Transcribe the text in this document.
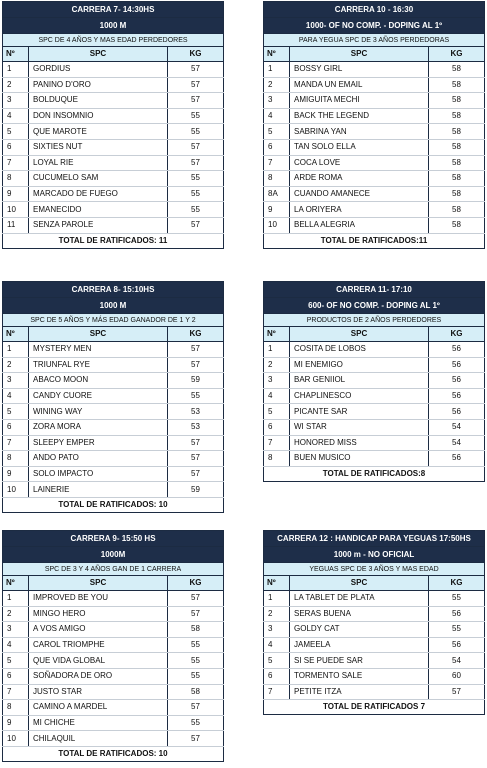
CARRERA 7- 14:30HS		
1000 M		
SPC DE 4 AÑOS Y MAS EDAD PERDEDORES		
Nº	SPC	KG
1	GORDIUS	57
2	PANINO D'ORO	57
3	BOLDUQUE	57
4	DON INSOMNIO	55
5	QUE MAROTE	55
6	SIXTIES NUT	57
7	LOYAL RIE	57
8	CUCUMELO SAM	55
9	MARCADO DE FUEGO	55
10	EMANECIDO	55
11	SENZA PAROLE	57
TOTAL DE RATIFICADOS: 11		
CARRERA 10 - 16:30		
1000- OF NO COMP. - DOPING AL 1º		
PARA YEGUA SPC DE 3 AÑOS PERDEDORAS		
Nº	SPC	KG
1	BOSSY GIRL	58
2	MANDA UN EMAIL	58
3	AMIGUITA MECHI	58
4	BACK THE LEGEND	58
5	SABRINA YAN	58
6	TAN SOLO ELLA	58
7	COCA LOVE	58
8	ARDE ROMA	58
8A	CUANDO AMANECE	58
9	LA ORIYERA	58
10	BELLA ALEGRIA	58
TOTAL DE RATIFICADOS:11		
CARRERA 8- 15:10HS		
1000 M		
SPC DE 5 AÑOS Y MÁS EDAD GANADOR DE 1 Y 2		
Nº	SPC	KG
1	MYSTERY MEN	57
2	TRIUNFAL RYE	57
3	ABACO MOON	59
4	CANDY CUORE	55
5	WINING WAY	53
6	ZORA MORA	53
7	SLEEPY EMPER	57
8	ANDO PATO	57
9	SOLO IMPACTO	57
10	LAINERIE	59
TOTAL DE RATIFICADOS: 10		
CARRERA 11- 17:10		
600- OF NO COMP. - DOPING AL 1º		
PRODUCTOS DE 2 AÑOS PERDEDORES		
Nº	SPC	KG
1	COSITA DE LOBOS	56
2	MI ENEMIGO	56
3	BAR GENIIOL	56
4	CHAPLINESCO	56
5	PICANTE SAR	56
6	WI STAR	54
7	HONORED MISS	54
8	BUEN MUSICO	56
TOTAL DE RATIFICADOS:8		
CARRERA 9- 15:50 HS		
1000M		
SPC DE 3 Y 4 AÑOS GAN DE 1 CARRERA		
Nº	SPC	KG
1	IMPROVED BE YOU	57
2	MINGO HERO	57
3	A VOS AMIGO	58
4	CAROL TRIOMPHE	55
5	QUE VIDA GLOBAL	55
6	SOÑADORA DE ORO	55
7	JUSTO STAR	58
8	CAMINO A MARDEL	57
9	MI CHICHE	55
10	CHILAQUIL	57
TOTAL DE RATIFICADOS: 10		
CARRERA 12 : HANDICAP PARA YEGUAS 17:50HS		
1000 m - NO OFICIAL		
YEGUAS SPC DE 3 AÑOS Y MAS EDAD		
Nº	SPC	KG
1	LA TABLET DE PLATA	55
2	SERAS BUENA	56
3	GOLDY CAT	55
4	JAMEELA	56
5	SI SE PUEDE SAR	54
6	TORMENTO SALE	60
7	PETITE ITZA	57
TOTAL DE RATIFICADOS 7		
